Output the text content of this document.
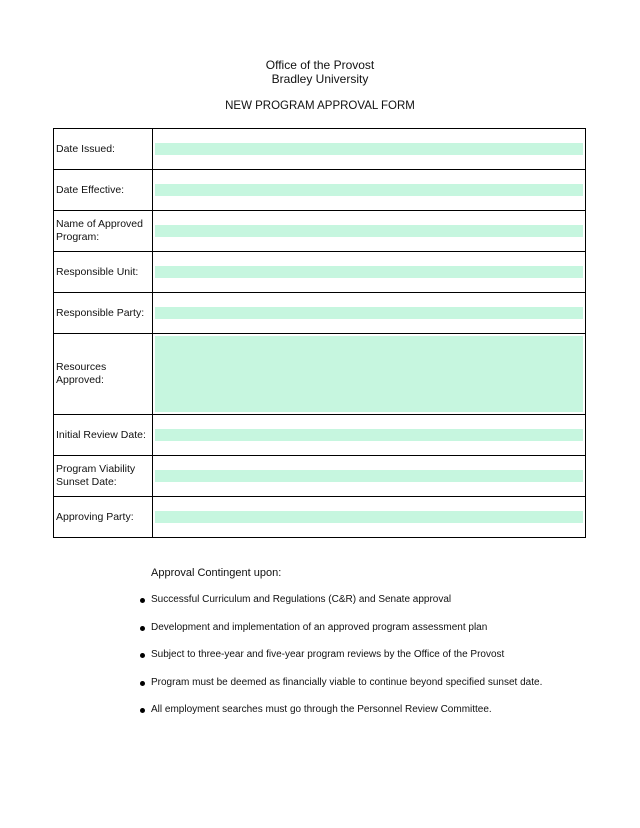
Office of the Provost
Bradley University
NEW PROGRAM APPROVAL FORM
Date Issued:	

Date Effective:	

Name of Approved Program:	

Responsible Unit:	

Responsible Party:	

Resources Approved:	

Initial Review Date:	

Program Viability Sunset Date:	

Approving Party:	
Approval Contingent upon:
Successful Curriculum and Regulations (C&R) and Senate approval
Development and implementation of an approved program assessment plan
Subject to three-year and five-year program reviews by the Office of the Provost
Program must be deemed as financially viable to continue beyond specified sunset date.
All employment searches must go through the Personnel Review Committee.
